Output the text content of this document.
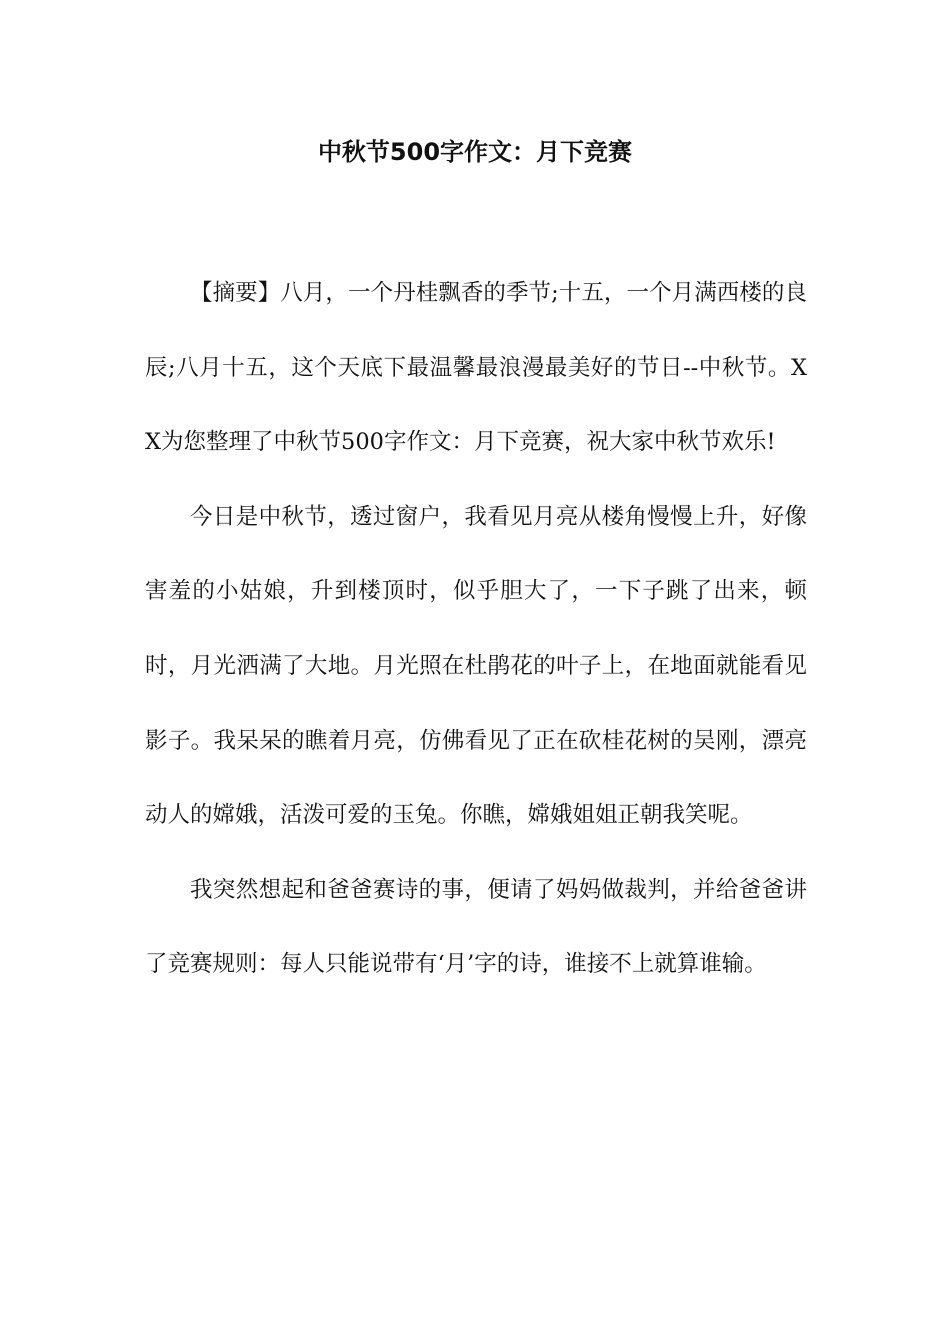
中秋节500字作文：月下竞赛

【摘要】八月，一个丹桂飘香的季节;十五，一个月满西楼的良辰;八月十五，这个天底下最温馨最浪漫最美好的节日--中秋节。XX为您整理了中秋节500字作文：月下竞赛，祝大家中秋节欢乐!

今日是中秋节，透过窗户，我看见月亮从楼角慢慢上升，好像害羞的小姑娘，升到楼顶时，似乎胆大了，一下子跳了出来，顿时，月光洒满了大地。月光照在杜鹃花的叶子上，在地面就能看见影子。我呆呆的瞧着月亮，仿佛看见了正在砍桂花树的吴刚，漂亮动人的嫦娥，活泼可爱的玉兔。你瞧，嫦娥姐姐正朝我笑呢。

我突然想起和爸爸赛诗的事，便请了妈妈做裁判，并给爸爸讲了竞赛规则：每人只能说带有‘月’字的诗，谁接不上就算谁输。
